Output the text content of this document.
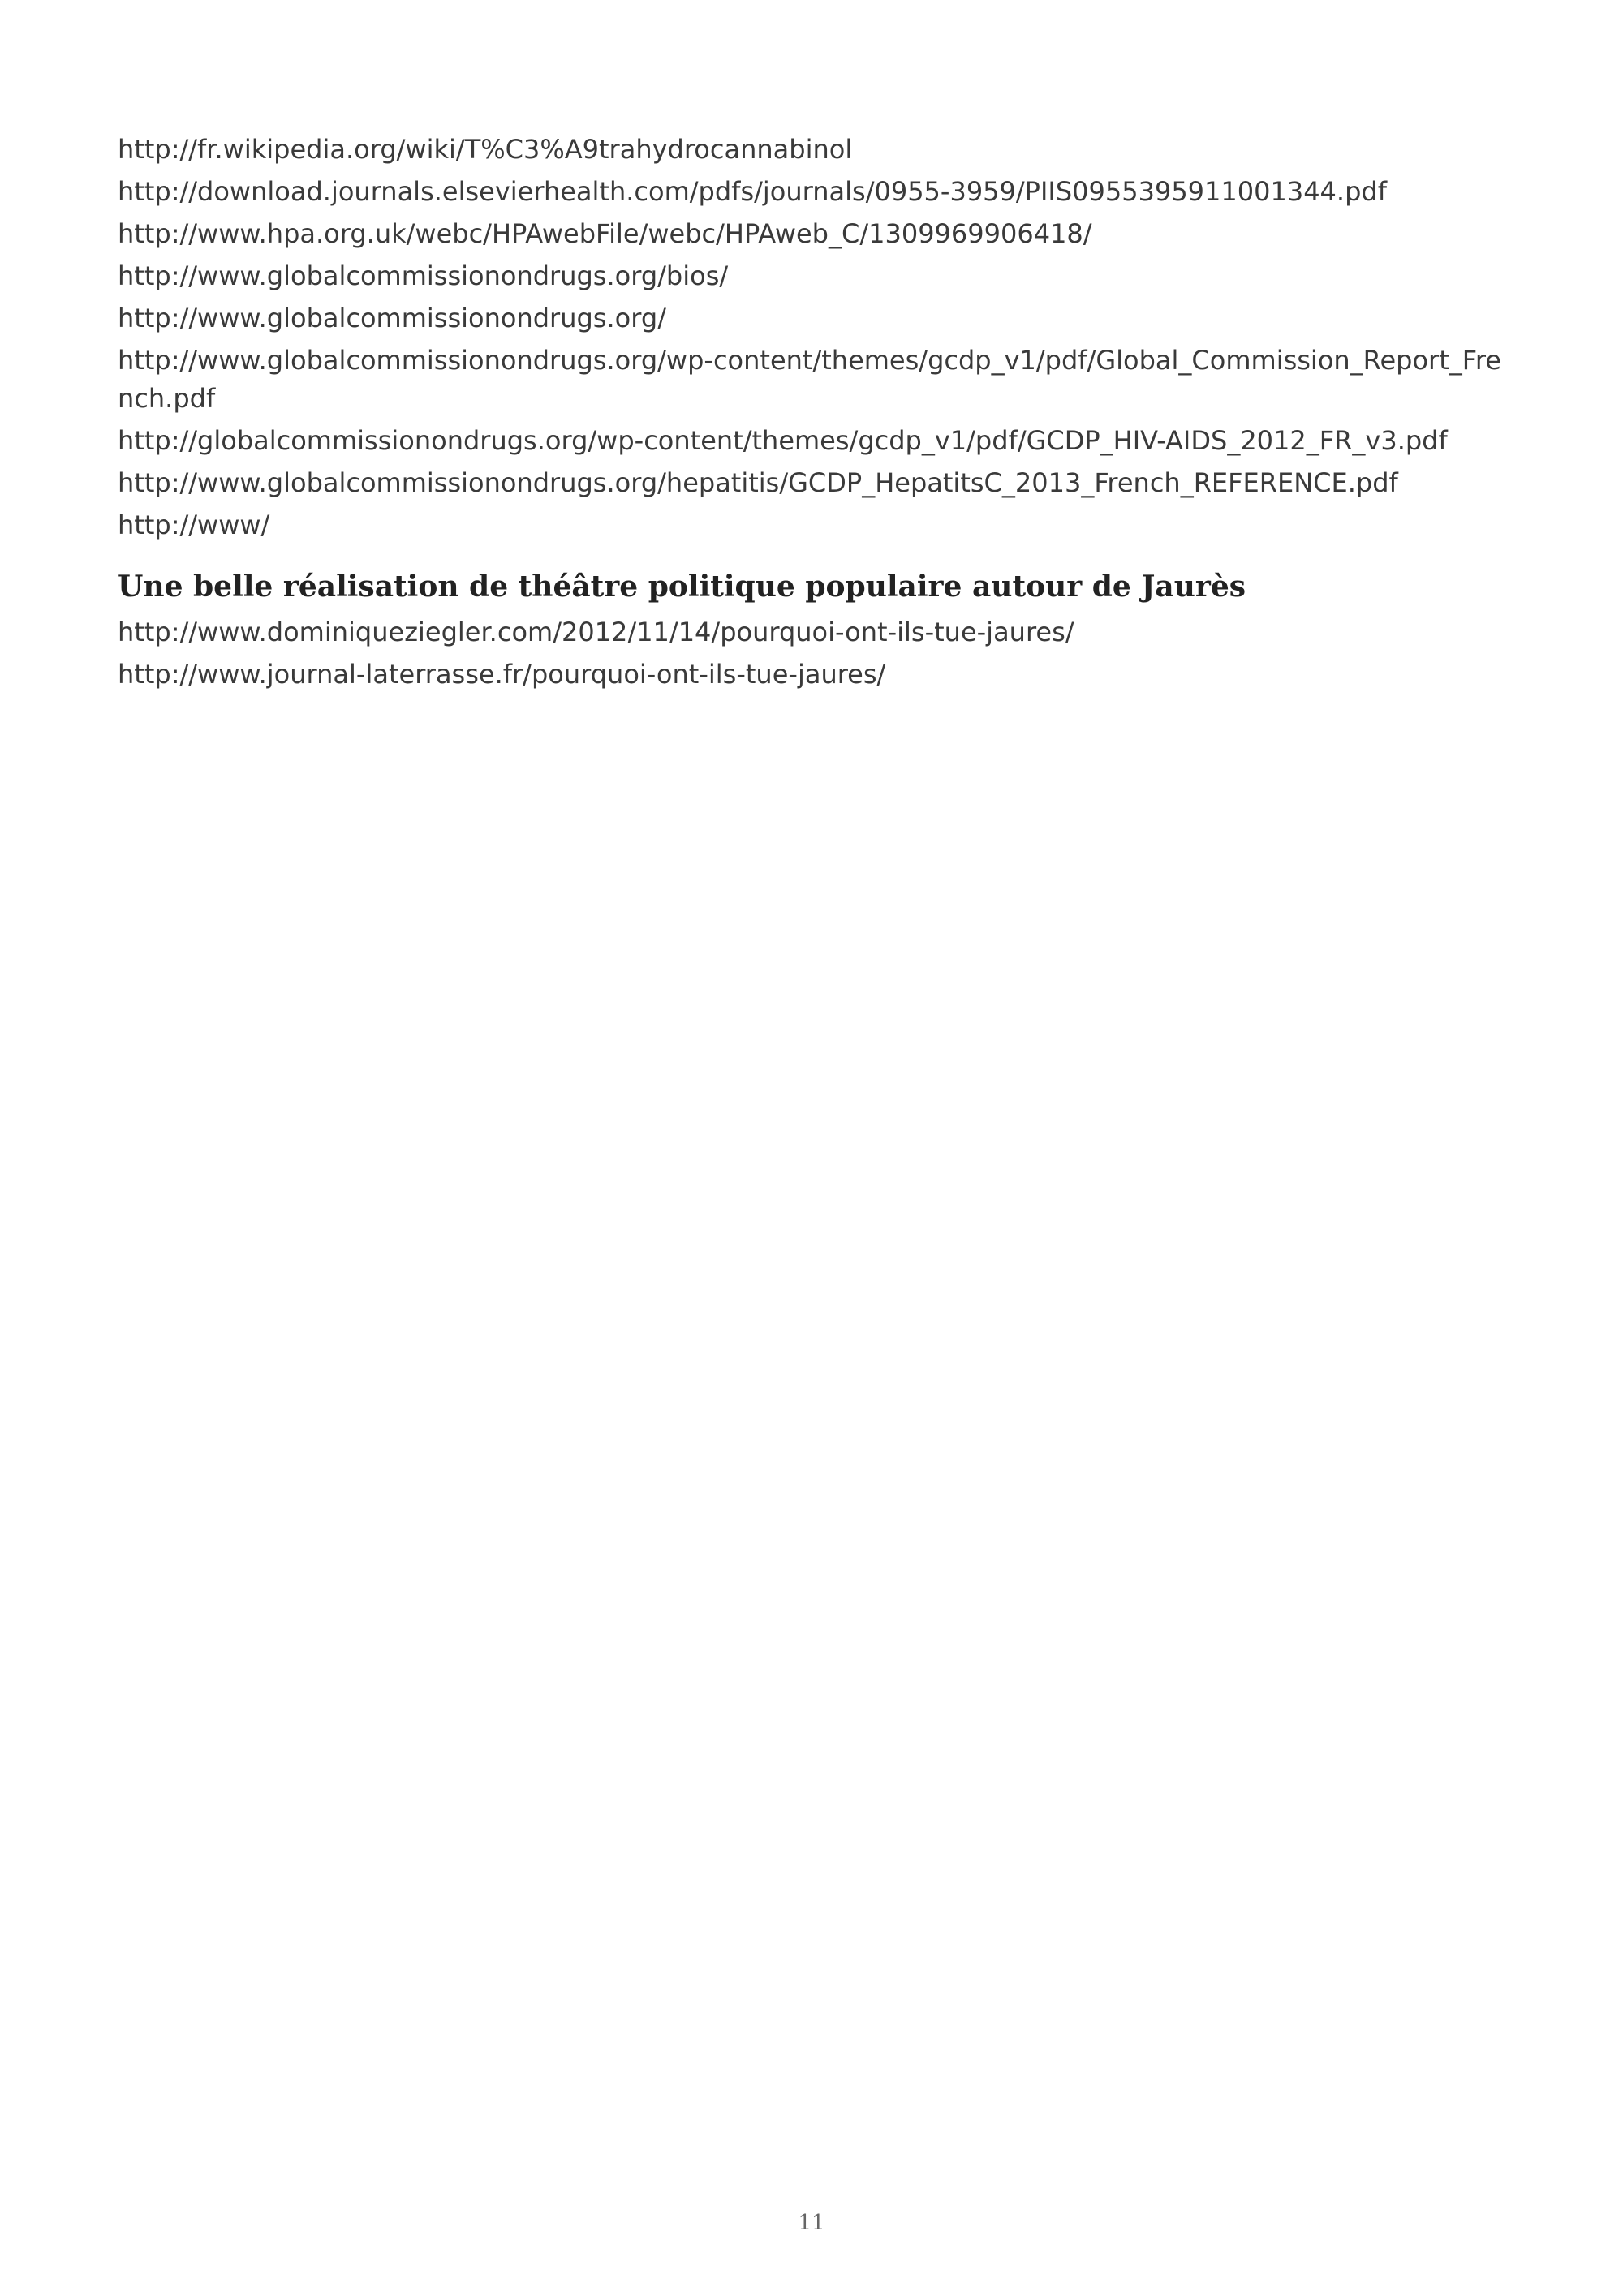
http://fr.wikipedia.org/wiki/T%C3%A9trahydrocannabinol
http://download.journals.elsevierhealth.com/pdfs/journals/0955-3959/PIIS0955395911001344.pdf
http://www.hpa.org.uk/webc/HPAwebFile/webc/HPAweb_C/1309969906418/
http://www.globalcommissionondrugs.org/bios/
http://www.globalcommissionondrugs.org/
http://www.globalcommissionondrugs.org/wp-content/themes/gcdp_v1/pdf/Global_Commission_Report_French.pdf
http://globalcommissionondrugs.org/wp-content/themes/gcdp_v1/pdf/GCDP_HIV-AIDS_2012_FR_v3.pdf
http://www.globalcommissionondrugs.org/hepatitis/GCDP_HepatitsC_2013_French_REFERENCE.pdf
http://www/
Une belle réalisation de théâtre politique populaire autour de Jaurès
http://www.dominiqueziegler.com/2012/11/14/pourquoi-ont-ils-tue-jaures/
http://www.journal-laterrasse.fr/pourquoi-ont-ils-tue-jaures/
11
